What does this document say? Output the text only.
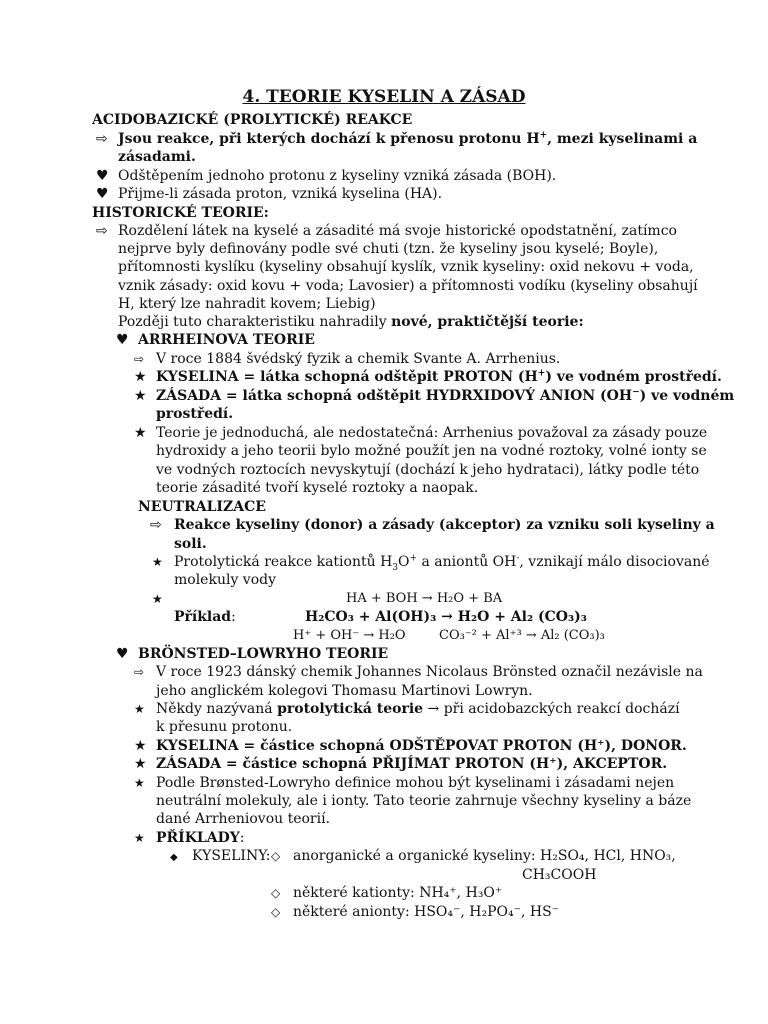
4. TEORIE KYSELIN A ZÁSAD
ACIDOBAZICKÉ (PROLYTICKÉ) REAKCE
⇨ Jsou reakce, při kterých dochází k přenosu protonu H+, mezi kyselinami a
zásadami.
♥ Odštěpením jednoho protonu z kyseliny vzniká zásada (BOH).
♥ Přijme-li zásada proton, vzniká kyselina (HA).
HISTORICKÉ TEORIE:
⇨ Rozdělení látek na kyselé a zásadité má svoje historické opodstatnění, zatímco
nejprve byly definovány podle své chuti (tzn. že kyseliny jsou kyselé; Boyle),
přítomnosti kyslíku (kyseliny obsahují kyslík, vznik kyseliny: oxid nekovu + voda,
vznik zásady: oxid kovu + voda; Lavosier) a přítomnosti vodíku (kyseliny obsahují
H, který lze nahradit kovem; Liebig)
Později tuto charakteristiku nahradily nové, praktičtější teorie:
♥ ARRHEINOVA TEORIE
⇨ V roce 1884 švédský fyzik a chemik Svante A. Arrhenius.
★ KYSELINA = látka schopná odštěpit PROTON (H+) ve vodném prostředí.
★ ZÁSADA = látka schopná odštěpit HYDRXIDOVÝ ANION (OH−) ve vodném
prostředí.
★ Teorie je jednoduchá, ale nedostatečná: Arrhenius považoval za zásady pouze
hydroxidy a jeho teorii bylo možné použít jen na vodné roztoky, volné ionty se
ve vodných roztocích nevyskytují (dochází k jeho hydrataci), látky podle této
teorie zásadité tvoří kyselé roztoky a naopak.
NEUTRALIZACE
⇨ Reakce kyseliny (donor) a zásady (akceptor) za vzniku soli kyseliny a
soli.
★ Protolytická reakce kationtů $H_3O^+$ a aniontů OH-, vznikají málo disociované
molekuly vody
★	HA + BOH → H₂O + BA
Příklad:	H₂CO₃ + Al(OH)₃ → H₂O + Al₂ (CO₃)₃
H⁺ + OH⁻ → H₂O	CO₃⁻² + Al⁺³ → Al₂ (CO₃)₃
♥ BRÖNSTED–LOWRYHO TEORIE
⇨ V roce 1923 dánský chemik Johannes Nicolaus Brönsted označil nezávisle na
jeho anglickém kolegovi Thomasu Martinovi Lowryn.
★ Někdy nazývaná protolytická teorie → při acidobazckých reakcí dochází
k přesunu protonu.
★ KYSELINA = částice schopná ODŠTĚPOVAT PROTON (H⁺), DONOR.
★ ZÁSADA = částice schopná PŘIJÍMAT PROTON (H⁺), AKCEPTOR.
★ Podle Brønsted-Lowryho definice mohou být kyselinami i zásadami nejen
neutrální molekuly, ale i ionty. Tato teorie zahrnuje všechny kyseliny a báze
dané Arrheniovou teorií.
★ PŘÍKLADY:
◆ KYSELINY: ◇ anorganické a organické kyseliny: H₂SO₄, HCl, HNO₃,
CH₃COOH
◇ některé kationty: NH₄⁺, H₃O⁺
◇ některé anionty: HSO₄⁻, H₂PO₄⁻, HS⁻
